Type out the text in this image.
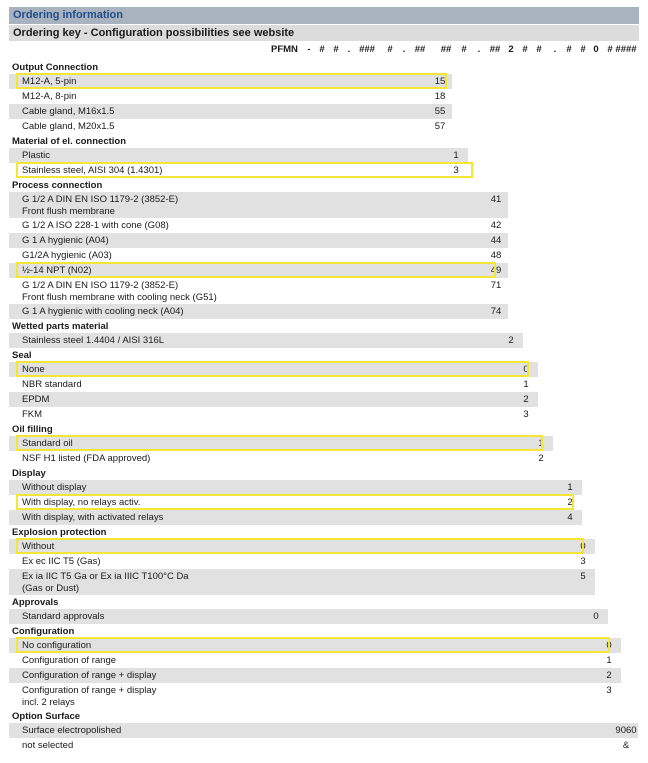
Ordering information
Ordering key - Configuration possibilities see website
PFMN - # # . ###	#	. ##	##	#	. ## 2 # #	.	# # 0 # ####
Output Connection
M12-A, 5-pin	15
M12-A, 8-pin	18
Cable gland, M16x1.5	55
Cable gland, M20x1.5	57
Material of el. connection
Plastic	1
Stainless steel, AISI 304 (1.4301)	3
Process connection
G 1/2 A DIN EN ISO 1179-2 (3852-E)
Front flush membrane
41
G 1/2 A ISO 228-1 with cone (G08)	42
G 1 A hygienic (A04)	44
G1/2A hygienic (A03)	48
½-14 NPT (N02)	49
G 1/2 A DIN EN ISO 1179-2 (3852-E)
Front flush membrane with cooling neck (G51)
71
G 1 A hygienic with cooling neck (A04)	74
Wetted parts material
Stainless steel 1.4404 / AISI 316L	2
Seal
None	0
NBR standard	1
EPDM	2
FKM	3
Oil filling
Standard oil	1
NSF H1 listed (FDA approved)	2
Display
Without display	1
With display, no relays activ.	2
With display, with activated relays	4
Explosion protection
Without	0
Ex ec IIC T5 (Gas)	3
Ex ia IIC T5 Ga or Ex ia IIIC T100°C Da
(Gas or Dust)
5
Approvals
Standard approvals	0
Configuration
No configuration	0
Configuration of range	1
Configuration of range + display	2
Configuration of range + display
incl. 2 relays
3
Option Surface
Surface electropolished	9060
not selected	&
